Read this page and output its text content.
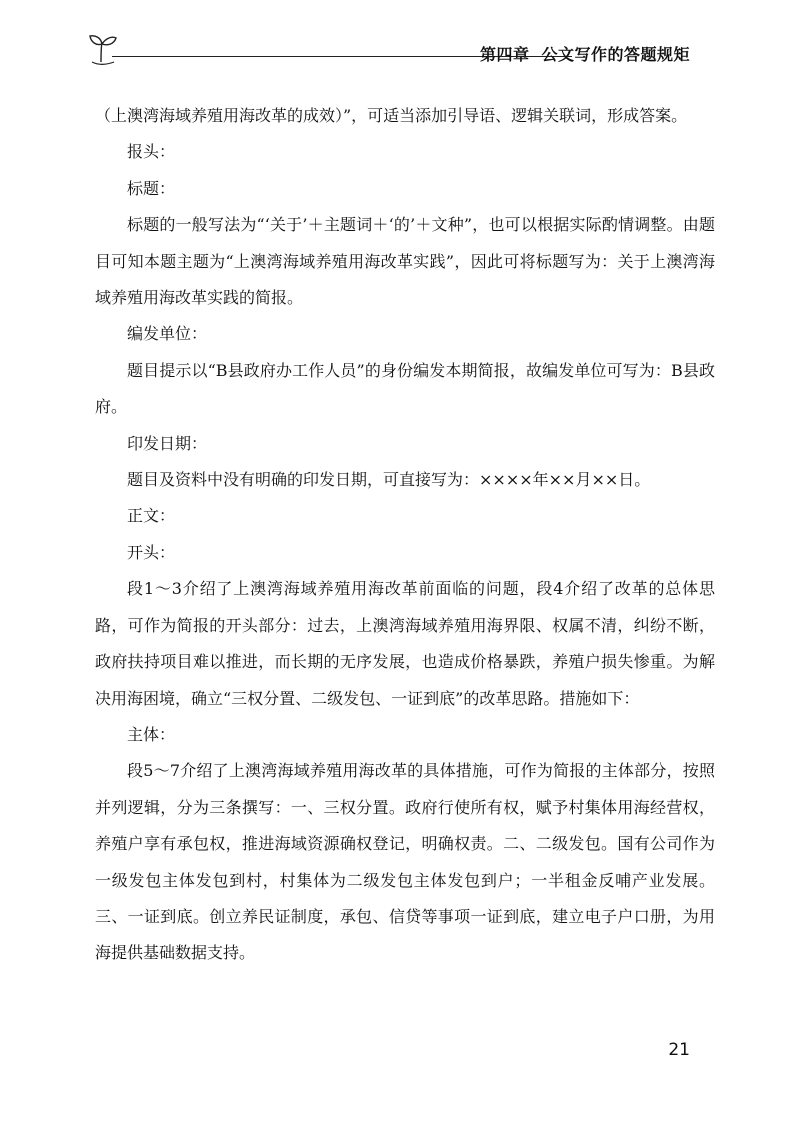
第四章 公文写作的答题规矩

（上澳湾海域养殖用海改革的成效）”，可适当添加引导语、逻辑关联词，形成答案。

报头：

标题：

标题的一般写法为“‘关于’＋主题词＋‘的’＋文种”，也可以根据实际酌情调整。由题目可知本题主题为“上澳湾海域养殖用海改革实践”，因此可将标题写为：关于上澳湾海域养殖用海改革实践的简报。

编发单位：

题目提示以“B县政府办工作人员”的身份编发本期简报，故编发单位可写为：B县政府。

印发日期：

题目及资料中没有明确的印发日期，可直接写为：××××年××月××日。

正文：

开头：

段1～3介绍了上澳湾海域养殖用海改革前面临的问题，段4介绍了改革的总体思路，可作为简报的开头部分：过去，上澳湾海域养殖用海界限、权属不清，纠纷不断，政府扶持项目难以推进，而长期的无序发展，也造成价格暴跌，养殖户损失惨重。为解决用海困境，确立“三权分置、二级发包、一证到底”的改革思路。措施如下：

主体：

段5～7介绍了上澳湾海域养殖用海改革的具体措施，可作为简报的主体部分，按照并列逻辑，分为三条撰写：一、三权分置。政府行使所有权，赋予村集体用海经营权，养殖户享有承包权，推进海域资源确权登记，明确权责。二、二级发包。国有公司作为一级发包主体发包到村，村集体为二级发包主体发包到户；一半租金反哺产业发展。三、一证到底。创立养民证制度，承包、信贷等事项一证到底，建立电子户口册，为用海提供基础数据支持。

21
